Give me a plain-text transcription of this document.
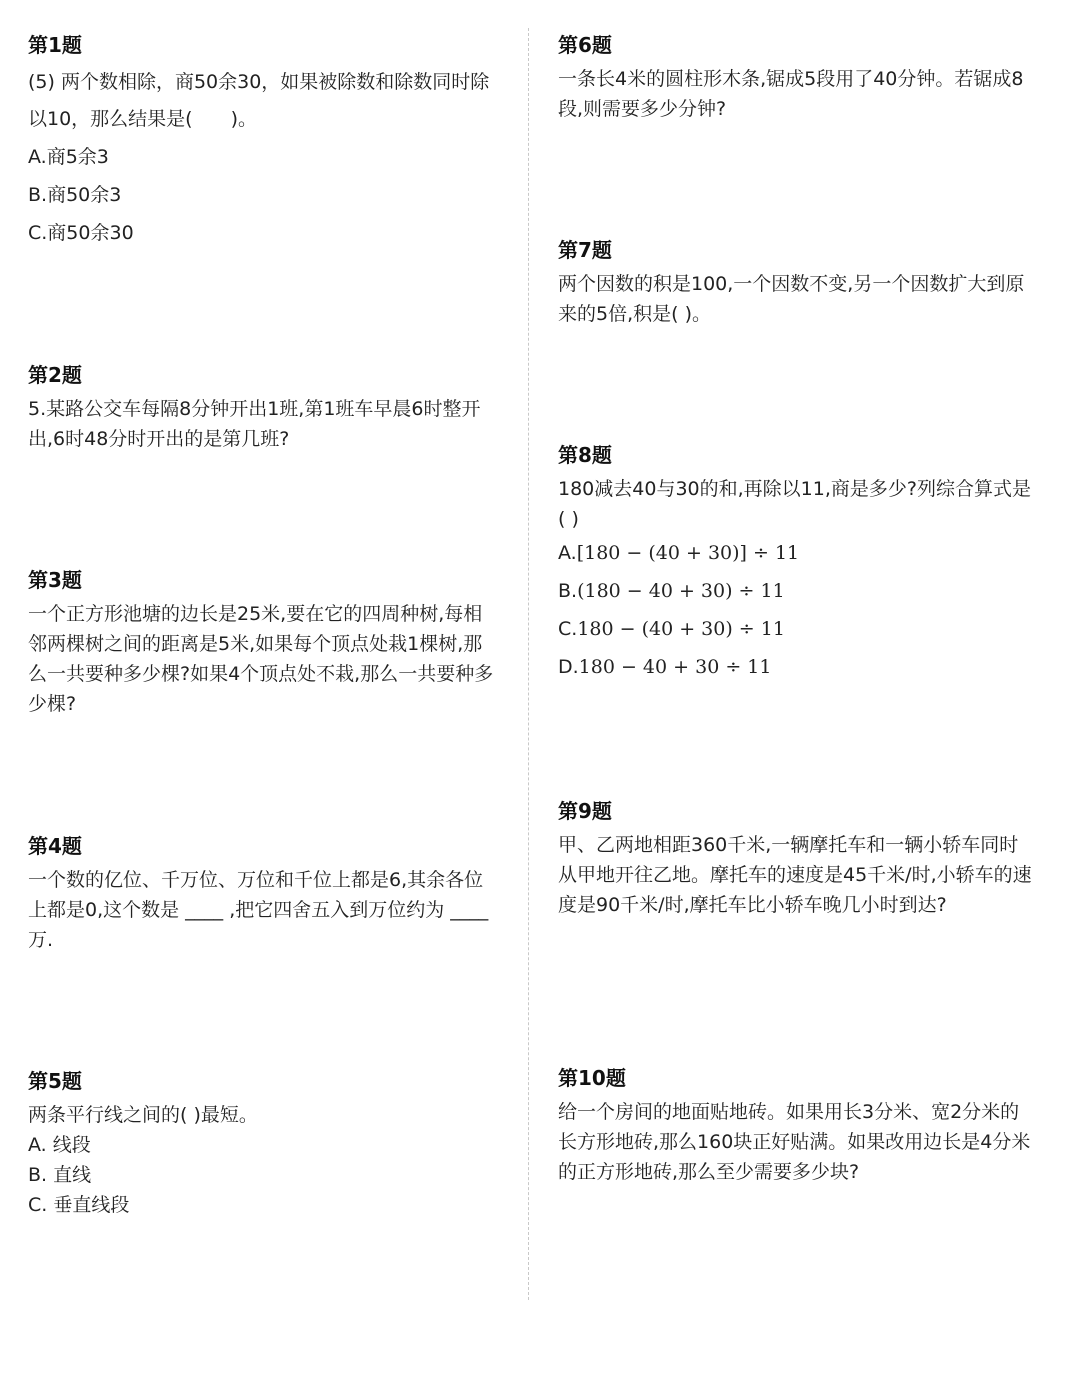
第1题

(5) 两个数相除，商50余30，如果被除数和除数同时除以10，那么结果是(　　)。

A.商5余3
B.商50余3
C.商50余30
第2题

5.某路公交车每隔8分钟开出1班,第1班车早晨6时整开出,6时48分时开出的是第几班?

第3题

一个正方形池塘的边长是25米,要在它的四周种树,每相邻两棵树之间的距离是5米,如果每个顶点处栽1棵树,那么一共要种多少棵?如果4个顶点处不栽,那么一共要种多少棵?

第4题

一个数的亿位、千万位、万位和千位上都是6,其余各位上都是0,这个数是 ____ ,把它四舍五入到万位约为 ____ 万.

第5题

两条平行线之间的( )最短。

A. 线段
B. 直线
C. 垂直线段
第6题

一条长4米的圆柱形木条,锯成5段用了40分钟。若锯成8段,则需要多少分钟?

第7题

两个因数的积是100,一个因数不变,另一个因数扩大到原来的5倍,积是( )。

第8题

180减去40与30的和,再除以11,商是多少?列综合算式是( )

A.[180 − (40 + 30)] ÷ 11
B.(180 − 40 + 30) ÷ 11
C.180 − (40 + 30) ÷ 11
D.180 − 40 + 30 ÷ 11
第9题

甲、乙两地相距360千米,一辆摩托车和一辆小轿车同时从甲地开往乙地。摩托车的速度是45千米/时,小轿车的速度是90千米/时,摩托车比小轿车晚几小时到达?

第10题

给一个房间的地面贴地砖。如果用长3分米、宽2分米的长方形地砖,那么160块正好贴满。如果改用边长是4分米的正方形地砖,那么至少需要多少块?
